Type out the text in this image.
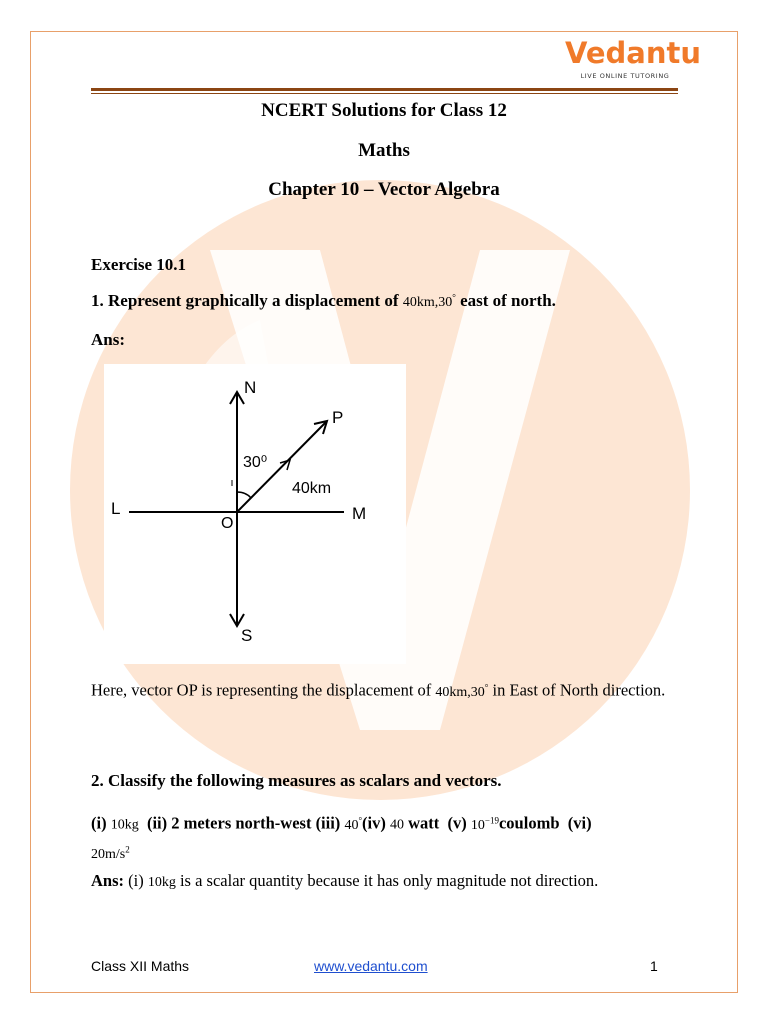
Vedantu
LIVE ONLINE TUTORING
NCERT Solutions for Class 12
Maths
Chapter 10 – Vector Algebra
Exercise 10.1
1. Represent graphically a displacement of 40km,30° east of north.
Ans:
N
S
L	M
O
P
30⁰
40km
Here, vector OP is representing the displacement of 40km,30° in East of North direction.
2. Classify the following measures as scalars and vectors.
(i) 10kg (ii) 2 meters north-west (iii) 40°(iv) 40 watt (v) $10^{-19}coulomb$ (vi)
$20m/s^2$
Ans: (i) 10kg is a scalar quantity because it has only magnitude not direction.
Class XII Maths	www.vedantu.com	1
